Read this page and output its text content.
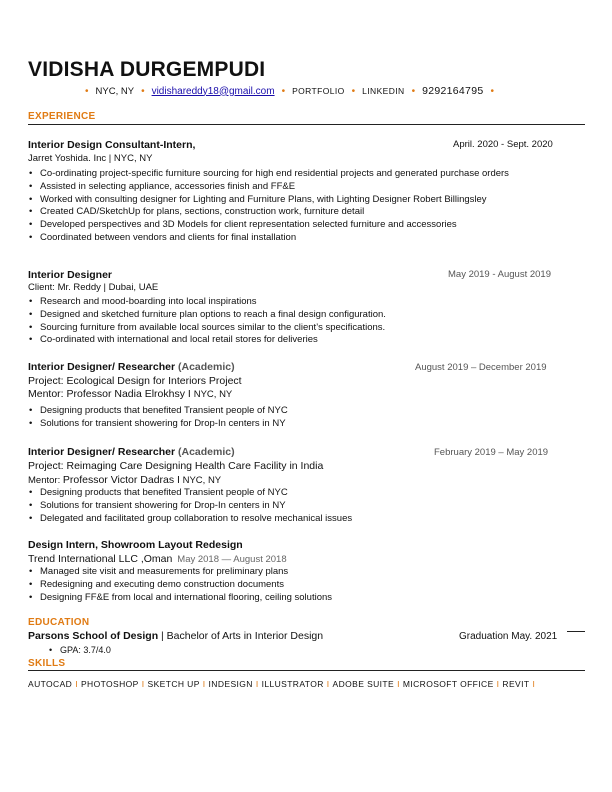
VIDISHA DURGEMPUDI
• NYC, NY • vidishareddy18@gmail.com • PORTFOLIO • LINKEDIN • 9292164795 •
EXPERIENCE
Interior Design Consultant-Intern,	April. 2020 - Sept. 2020
Jarret Yoshida. Inc | NYC, NY
• Co-ordinating project-specific furniture sourcing for high end residential projects and generated purchase orders
• Assisted in selecting appliance, accessories finish and FF&E
• Worked with consulting designer for Lighting and Furniture Plans, with Lighting Designer Robert Billingsley
• Created CAD/SketchUp for plans, sections, construction work, furniture detail
• Developed perspectives and 3D Models for client representation selected furniture and accessories
• Coordinated between vendors and clients for final installation
Interior Designer	May 2019 - August 2019
Client: Mr. Reddy | Dubai, UAE
• Research and mood-boarding into local inspirations
• Designed and sketched furniture plan options to reach a final design configuration.
• Sourcing furniture from available local sources similar to the client’s specifications.
• Co-ordinated with international and local retail stores for deliveries
Interior Designer/ Researcher (Academic)	August 2019 – December 2019
Project: Ecological Design for Interiors Project
Mentor: Professor Nadia Elrokhsy I NYC, NY
• Designing products that benefited Transient people of NYC
• Solutions for transient showering for Drop-In centers in NY
Interior Designer/ Researcher (Academic)	February 2019 – May 2019
Project: Reimaging Care Designing Health Care Facility in India
Mentor: Professor Victor Dadras I NYC, NY
• Designing products that benefited Transient people of NYC
• Solutions for transient showering for Drop-In centers in NY
• Delegated and facilitated group collaboration to resolve mechanical issues
Design Intern, Showroom Layout Redesign
Trend International LLC ,Oman May 2018 — August 2018
• Managed site visit and measurements for preliminary plans
• Redesigning and executing demo construction documents
• Designing FF&E from local and international flooring, ceiling solutions
EDUCATION
Parsons School of Design | Bachelor of Arts in Interior Design	Graduation May. 2021
• GPA: 3.7/4.0
SKILLS
AUTOCAD I PHOTOSHOP I SKETCH UP I INDESIGN I ILLUSTRATOR I ADOBE SUITE I MICROSOFT OFFICE I REVIT I
